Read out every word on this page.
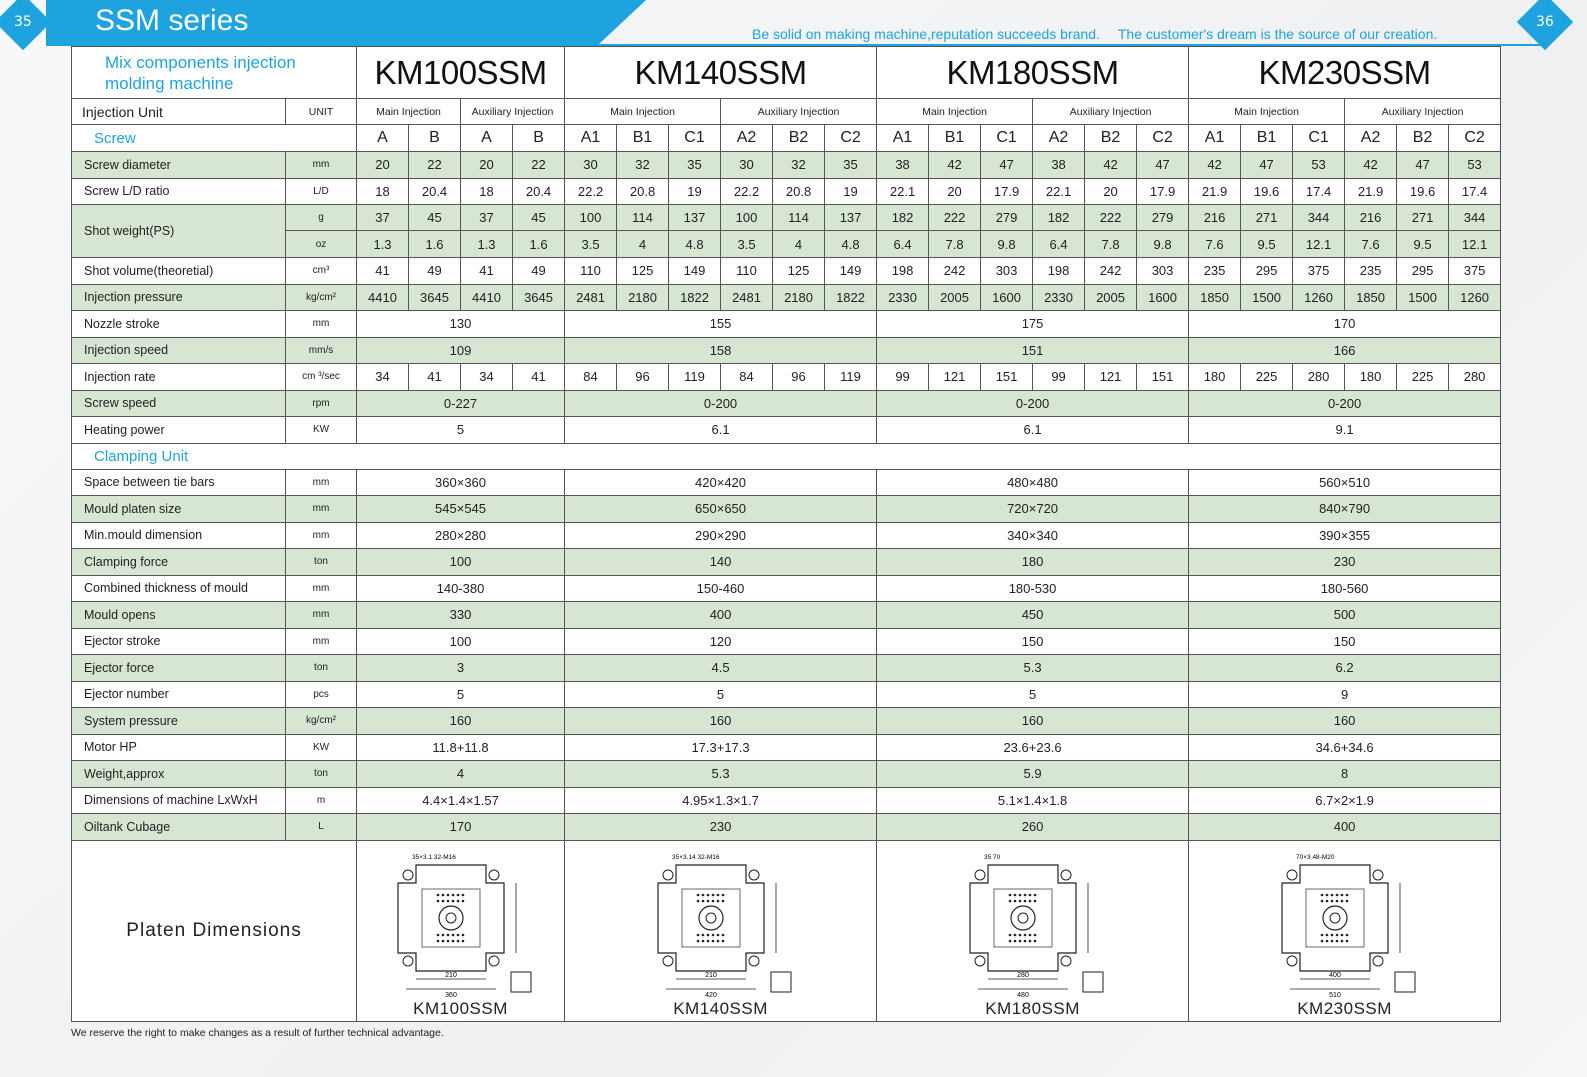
35 SSM series	Be solid on making machine,reputation succeeds brand. The customer's dream is the source of our creation.
36
Mix components injection molding machine		KM100SSM				KM140SSM						KM180SSM						KM230SSM					
Injection Unit	UNIT	Main Injection		Auxiliary Injection		Main Injection			Auxiliary Injection			Main Injection			Auxiliary Injection			Main Injection			Auxiliary Injection		
Screw		A	B	A	B	A1	B1	C1	A2	B2	C2	A1	B1	C1	A2	B2	C2	A1	B1	C1	A2	B2	C2
Screw diameter	mm	20	22	20	22	30	32	35	30	32	35	38	42	47	38	42	47	42	47	53	42	47	53
Screw L/D ratio	L/D	18	20.4	18	20.4	22.2	20.8	19	22.2	20.8	19	22.1	20	17.9	22.1	20	17.9	21.9	19.6	17.4	21.9	19.6	17.4
Shot weight(PS)	g	37	45	37	45	100	114	137	100	114	137	182	222	279	182	222	279	216	271	344	216	271	344
	oz	1.3	1.6	1.3	1.6	3.5	4	4.8	3.5	4	4.8	6.4	7.8	9.8	6.4	7.8	9.8	7.6	9.5	12.1	7.6	9.5	12.1
Shot volume(theoretial)	cm³	41	49	41	49	110	125	149	110	125	149	198	242	303	198	242	303	235	295	375	235	295	375
Injection pressure	kg/cm²	4410	3645	4410	3645	2481	2180	1822	2481	2180	1822	2330	2005	1600	2330	2005	1600	1850	1500	1260	1850	1500	1260
Nozzle stroke	mm	130				155						175						170					
Injection speed	mm/s	109				158						151						166					
Injection rate	cm ³/sec	34	41	34	41	84	96	119	84	96	119	99	121	151	99	121	151	180	225	280	180	225	280
Screw speed	rpm	0-227				0-200						0-200						0-200					
Heating power	KW	5				6.1						6.1						9.1					
Clamping Unit																							
Space between tie bars	mm	360×360				420×420						480×480						560×510					
Mould platen size	mm	545×545				650×650						720×720						840×790					
Min.mould dimension	mm	280×280				290×290						340×340						390×355					
Clamping force	ton	100				140						180						230					
Combined thickness of mould	mm	140-380				150-460						180-530						180-560					
Mould opens	mm	330				400						450						500					
Ejector stroke	mm	100				120						150						150					
Ejector force	ton	3				4.5						5.3						6.2					
Ejector number	pcs	5				5						5						9					
System pressure	kg/cm²	160				160						160						160					
Motor HP	KW	11.8+11.8				17.3+17.3						23.6+23.6						34.6+34.6					
Weight,approx	ton	4				5.3						5.9						8					
Dimensions of machine LxWxH	m	4.4×1.4×1.57				4.95×1.3×1.7						5.1×1.4×1.8						6.7×2×1.9					
Oiltank Cubage	L	170				230						260						400					
Platen Dimensions		210
360
35×3.1 32-M16
KM100SSM				210
420
35×3.14 32-M16
KM140SSM						280
480
35 70
KM180SSM						400
510
70×3 48-M20
KM230SSM					
We reserve the right to make changes as a result of further technical advantage.
